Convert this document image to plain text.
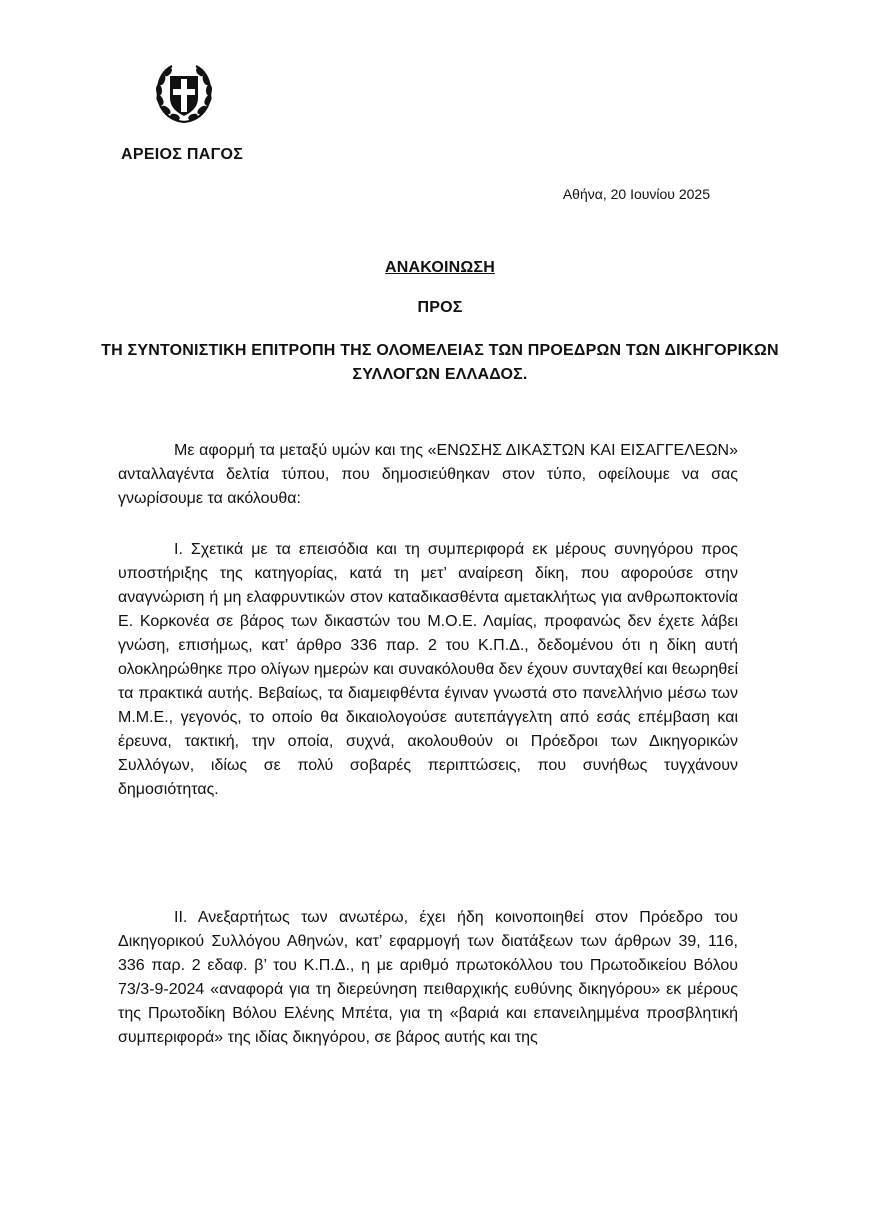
ΑΡΕΙΟΣ ΠΑΓΟΣ
Αθήνα, 20 Ιουνίου 2025
ΑΝΑΚΟΙΝΩΣΗ
ΠΡΟΣ
ΤΗ ΣΥΝΤΟΝΙΣΤΙΚΗ ΕΠΙΤΡΟΠΗ ΤΗΣ ΟΛΟΜΕΛΕΙΑΣ ΤΩΝ ΠΡΟΕΔΡΩΝ ΤΩΝ ΔΙΚΗΓΟΡΙΚΩΝ ΣΥΛΛΟΓΩΝ ΕΛΛΑΔΟΣ.

Με αφορμή τα μεταξύ υμών και της «ΕΝΩΣΗΣ ΔΙΚΑΣΤΩΝ ΚΑΙ ΕΙΣΑΓΓΕΛΕΩΝ» ανταλλαγέντα δελτία τύπου, που δημοσιεύθηκαν στον τύπο, οφείλουμε να σας γνωρίσουμε τα ακόλουθα:

Ι. Σχετικά με τα επεισόδια και τη συμπεριφορά εκ μέρους συνηγόρου προς υποστήριξης της κατηγορίας, κατά τη μετ’ αναίρεση δίκη, που αφορούσε στην αναγνώριση ή μη ελαφρυντικών στον καταδικασθέντα αμετακλήτως για ανθρωποκτονία Ε. Κορκονέα σε βάρος των δικαστών του Μ.Ο.Ε. Λαμίας, προφανώς δεν έχετε λάβει γνώση, επισήμως, κατ’ άρθρο 336 παρ. 2 του Κ.Π.Δ., δεδομένου ότι η δίκη αυτή ολοκληρώθηκε προ ολίγων ημερών και συνακόλουθα δεν έχουν συνταχθεί και θεωρηθεί τα πρακτικά αυτής. Βεβαίως, τα διαμειφθέντα έγιναν γνωστά στο πανελλήνιο μέσω των Μ.Μ.Ε., γεγονός, το οποίο θα δικαιολογούσε αυτεπάγγελτη από εσάς επέμβαση και έρευνα, τακτική, την οποία, συχνά, ακολουθούν οι Πρόεδροι των Δικηγορικών Συλλόγων, ιδίως σε πολύ σοβαρές περιπτώσεις, που συνήθως τυγχάνουν δημοσιότητας.

ΙΙ. Ανεξαρτήτως των ανωτέρω, έχει ήδη κοινοποιηθεί στον Πρόεδρο του Δικηγορικού Συλλόγου Αθηνών, κατ’ εφαρμογή των διατάξεων των άρθρων 39, 116, 336 παρ. 2 εδαφ. β’ του Κ.Π.Δ., η με αριθμό πρωτοκόλλου του Πρωτοδικείου Βόλου 73/3-9-2024 «αναφορά για τη διερεύνηση πειθαρχικής ευθύνης δικηγόρου» εκ μέρους της Πρωτοδίκη Βόλου Ελένης Μπέτα, για τη «βαριά και επανειλημμένα προσβλητική συμπεριφορά» της ιδίας δικηγόρου, σε βάρος αυτής και της
